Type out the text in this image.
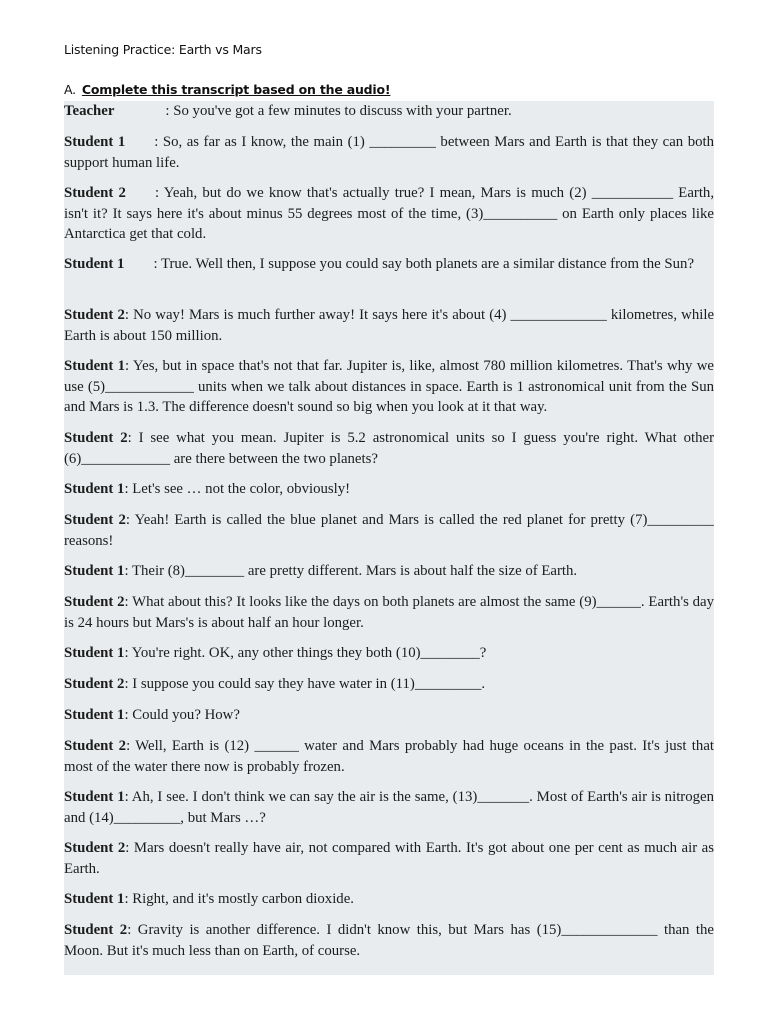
Listening Practice: Earth vs Mars
A. Complete this transcript based on the audio!

Teacher	: So you've got a few minutes to discuss with your partner.

Student 1 : So, as far as I know, the main (1) _________ between Mars and Earth is that they can both support human life.

Student 2 : Yeah, but do we know that's actually true? I mean, Mars is much (2) ___________ Earth, isn't it? It says here it's about minus 55 degrees most of the time, (3)__________ on Earth only places like Antarctica get that cold.

Student 1 : True. Well then, I suppose you could say both planets are a similar distance from the Sun?

Student 2: No way! Mars is much further away! It says here it's about (4) _____________ kilometres, while Earth is about 150 million.

Student 1: Yes, but in space that's not that far. Jupiter is, like, almost 780 million kilometres. That's why we use (5)____________ units when we talk about distances in space. Earth is 1 astronomical unit from the Sun and Mars is 1.3. The difference doesn't sound so big when you look at it that way.

Student 2: I see what you mean. Jupiter is 5.2 astronomical units so I guess you're right. What other (6)____________ are there between the two planets?

Student 1: Let's see … not the color, obviously!

Student 2: Yeah! Earth is called the blue planet and Mars is called the red planet for pretty (7)_________ reasons!

Student 1: Their (8)________ are pretty different. Mars is about half the size of Earth.

Student 2: What about this? It looks like the days on both planets are almost the same (9)______. Earth's day is 24 hours but Mars's is about half an hour longer.

Student 1: You're right. OK, any other things they both (10)________?

Student 2: I suppose you could say they have water in (11)_________.

Student 1: Could you? How?

Student 2: Well, Earth is (12) ______ water and Mars probably had huge oceans in the past. It's just that most of the water there now is probably frozen.

Student 1: Ah, I see. I don't think we can say the air is the same, (13)_______. Most of Earth's air is nitrogen and (14)_________, but Mars …?

Student 2: Mars doesn't really have air, not compared with Earth. It's got about one per cent as much air as Earth.

Student 1: Right, and it's mostly carbon dioxide.

Student 2: Gravity is another difference. I didn't know this, but Mars has (15)_____________ than the Moon. But it's much less than on Earth, of course.
